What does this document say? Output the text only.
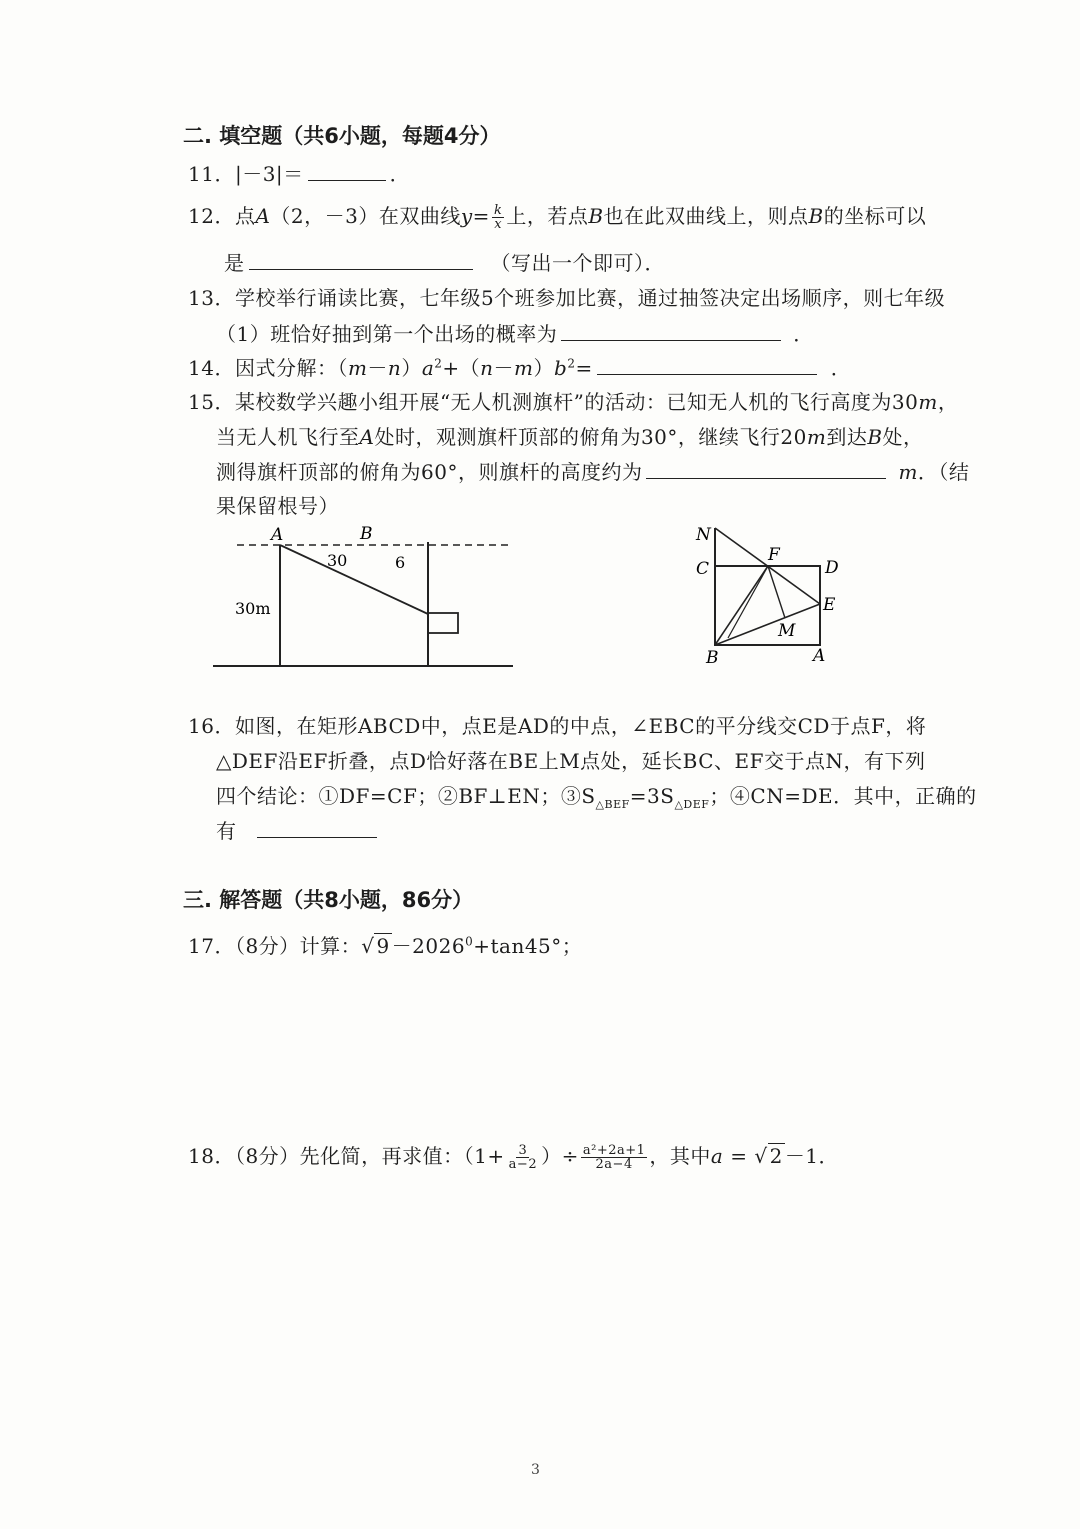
二. 填空题（共6小题，每题4分）
11．|－3|＝	．
12．点A（2，－3）在双曲线$y= \frac{k}{x}$ 上，若点B也在此双曲线上，则点B的坐标可以
是	（写出一个即可）．
13．学校举行诵读比赛，七年级5个班参加比赛，通过抽签决定出场顺序，则七年级
（1）班恰好抽到第一个出场的概率为	．
14．因式分解：$(m-n)a^2+(n-m)b^2=$	．
15．某校数学兴趣小组开展“无人机测旗杆”的活动：已知无人机的飞行高度为30m，
当无人机飞行至A处时，观测旗杆顶部的俯角为30°，继续飞行20m到达B处，
测得旗杆顶部的俯角为60°，则旗杆的高度约为	m．（结
果保留根号）
A	B
30	6
30m
N
C
F
D
E
M
B	A
16．如图，在矩形ABCD中，点E是AD的中点，∠EBC的平分线交CD于点F，将
△DEF沿EF折叠，点D恰好落在BE上M点处，延长BC、EF交于点N，有下列
四个结论：①DF=CF；②BF⊥EN；$③S_{\triangle BEF}=3S_{\triangle DEF}$；④CN=DE．其中，正确的
有
三. 解答题（共8小题，86分）
17．（8分）计算：√ $9 -2026^0+\tan 45^\circ$；
18．（8分）先化简，再求值：（$1+ \frac{3}{a-2}$ ）÷ $\frac{\text{a²+2a+1}}{2a-4}$ ，其中a = √ 2 －1．
3
